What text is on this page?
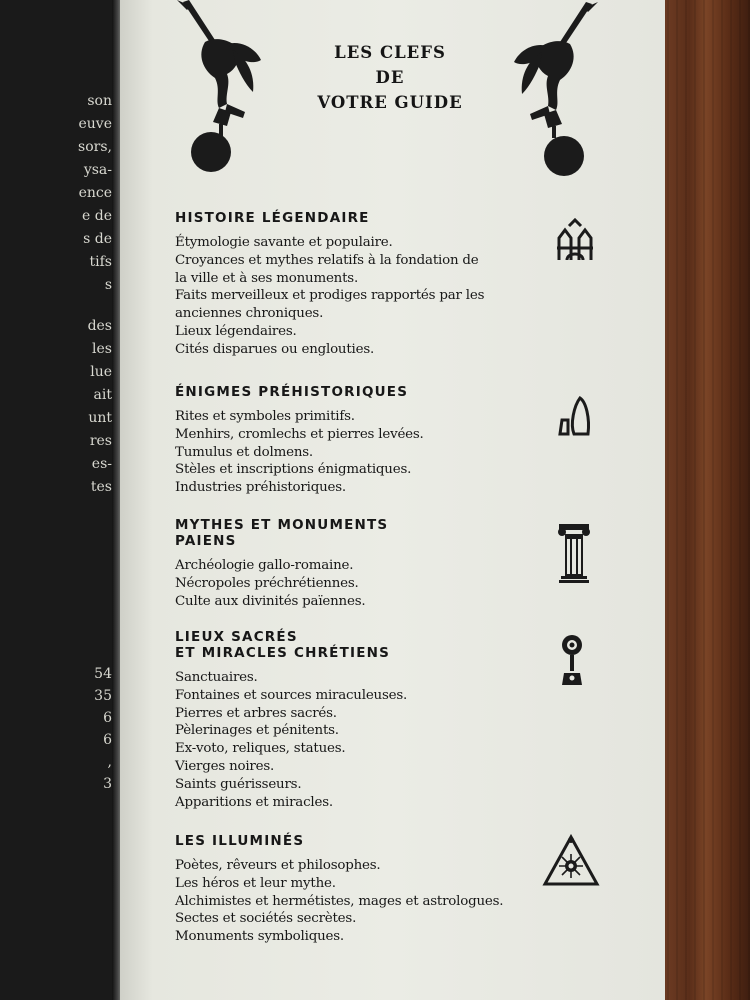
son
euve
sors,
ysa-
ence
e de
s de
tifs
s
des
les
lue
ait
unt
res
es-
tes
54
35
6
6
,
3
LES CLEFS
DE
VOTRE GUIDE
HISTOIRE LÉGENDAIRE
Étymologie savante et populaire.
Croyances et mythes relatifs à la fondation de
la ville et à ses monuments.
Faits merveilleux et prodiges rapportés par les
anciennes chroniques.
Lieux légendaires.
Cités disparues ou englouties.
ÉNIGMES PRÉHISTORIQUES
Rites et symboles primitifs.
Menhirs, cromlechs et pierres levées.
Tumulus et dolmens.
Stèles et inscriptions énigmatiques.
Industries préhistoriques.
MYTHES ET MONUMENTS
PAIENS
Archéologie gallo-romaine.
Nécropoles préchrétiennes.
Culte aux divinités païennes.
LIEUX SACRÉS
ET MIRACLES CHRÉTIENS
Sanctuaires.
Fontaines et sources miraculeuses.
Pierres et arbres sacrés.
Pèlerinages et pénitents.
Ex-voto, reliques, statues.
Vierges noires.
Saints guérisseurs.
Apparitions et miracles.
LES ILLUMINÉS
Poètes, rêveurs et philosophes.
Les héros et leur mythe.
Alchimistes et hermétistes, mages et astrologues.
Sectes et sociétés secrètes.
Monuments symboliques.
